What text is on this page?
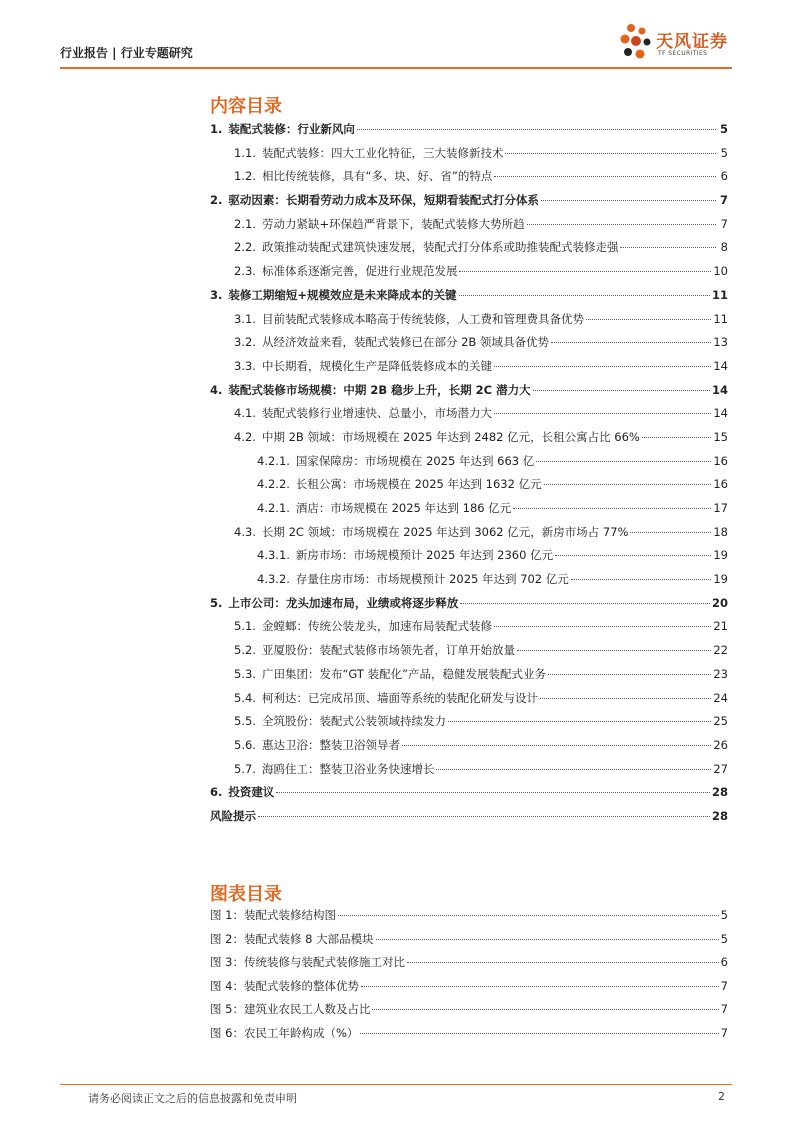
行业报告 | 行业专题研究
天风证券
TF SECURITIES
内容目录
1. 装配式装修：行业新风向	5
1.1. 装配式装修：四大工业化特征，三大装修新技术	5
1.2. 相比传统装修，具有“多、块、好、省”的特点	6
2. 驱动因素：长期看劳动力成本及环保，短期看装配式打分体系	7
2.1. 劳动力紧缺+环保趋严背景下，装配式装修大势所趋	7
2.2. 政策推动装配式建筑快速发展，装配式打分体系或助推装配式装修走强	8
2.3. 标准体系逐渐完善，促进行业规范发展	10
3. 装修工期缩短+规模效应是未来降成本的关键	11
3.1. 目前装配式装修成本略高于传统装修，人工费和管理费具备优势	11
3.2. 从经济效益来看，装配式装修已在部分 2B 领域具备优势	13
3.3. 中长期看，规模化生产是降低装修成本的关键	14
4. 装配式装修市场规模：中期 2B 稳步上升，长期 2C 潜力大	14
4.1. 装配式装修行业增速快、总量小，市场潜力大	14
4.2. 中期 2B 领域：市场规模在 2025 年达到 2482 亿元，长租公寓占比 66%	15
4.2.1. 国家保障房：市场规模在 2025 年达到 663 亿	16
4.2.2. 长租公寓：市场规模在 2025 年达到 1632 亿元	16
4.2.1. 酒店：市场规模在 2025 年达到 186 亿元	17
4.3. 长期 2C 领域：市场规模在 2025 年达到 3062 亿元，新房市场占 77%	18
4.3.1. 新房市场：市场规模预计 2025 年达到 2360 亿元	19
4.3.2. 存量住房市场：市场规模预计 2025 年达到 702 亿元	19
5. 上市公司：龙头加速布局，业绩或将逐步释放	20
5.1. 金螳螂：传统公装龙头，加速布局装配式装修	21
5.2. 亚厦股份：装配式装修市场领先者，订单开始放量	22
5.3. 广田集团：发布“GT 装配化”产品，稳健发展装配式业务	23
5.4. 柯利达：已完成吊顶、墙面等系统的装配化研发与设计	24
5.5. 全筑股份：装配式公装领域持续发力	25
5.6. 惠达卫浴：整装卫浴领导者	26
5.7. 海鸥住工：整装卫浴业务快速增长	27
6. 投资建议	28
风险提示	28
图表目录
图 1：装配式装修结构图	5
图 2：装配式装修 8 大部品模块	5
图 3：传统装修与装配式装修施工对比	6
图 4：装配式装修的整体优势	7
图 5：建筑业农民工人数及占比	7
图 6：农民工年龄构成（%）	7
请务必阅读正文之后的信息披露和免责申明	2
